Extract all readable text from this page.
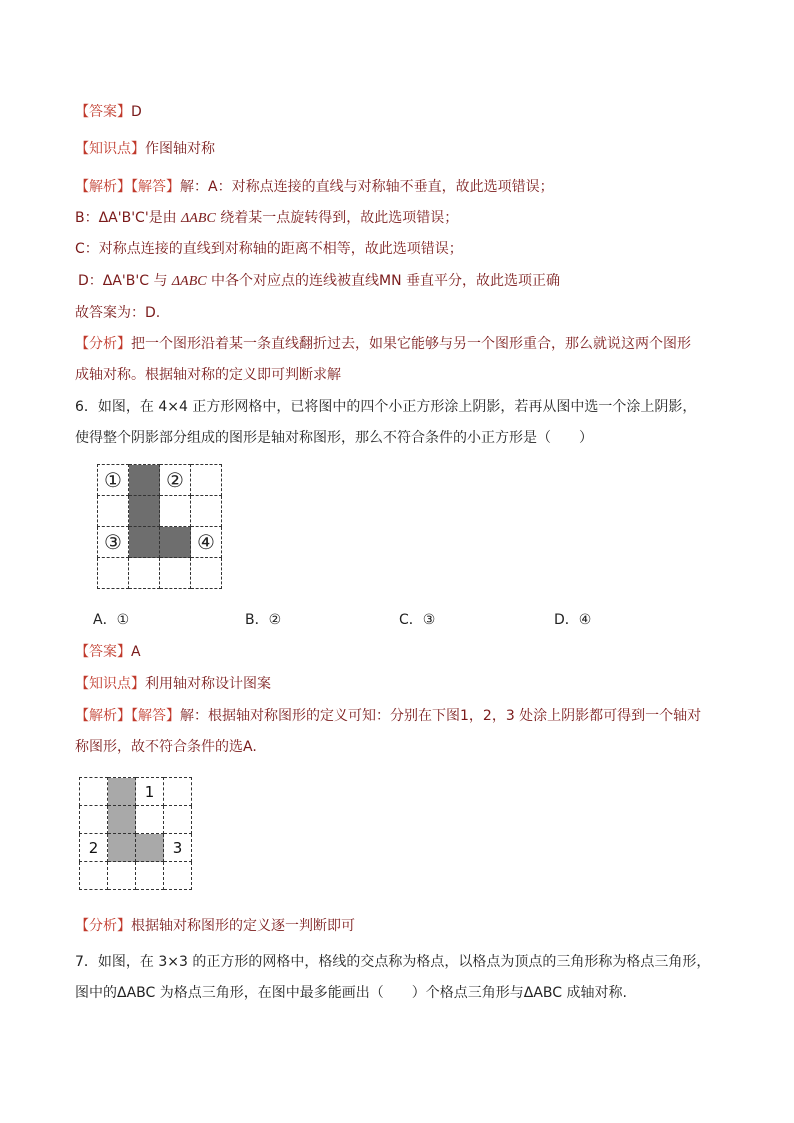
【答案】D
【知识点】作图轴对称
【解析】【解答】解：A：对称点连接的直线与对称轴不垂直，故此选项错误；
B：ΔA'B'C'是由 ΔABC 绕着某一点旋转得到，故此选项错误；
C：对称点连接的直线到对称轴的距离不相等，故此选项错误；
D：ΔA'B'C 与 ΔABC 中各个对应点的连线被直线MN 垂直平分，故此选项正确
故答案为：D.
【分析】把一个图形沿着某一条直线翻折过去，如果它能够与另一个图形重合，那么就说这两个图形
成轴对称。根据轴对称的定义即可判断求解
6．如图，在 4×4 正方形网格中，已将图中的四个小正方形涂上阴影，若再从图中选一个涂上阴影，
使得整个阴影部分组成的图形是轴对称图形，那么不符合条件的小正方形是（　　）
①		②	

③			④

A．①	B．②	C．③	D．④
【答案】A
【知识点】利用轴对称设计图案
【解析】【解答】解：根据轴对称图形的定义可知：分别在下图1，2，3 处涂上阴影都可得到一个轴对
称图形，故不符合条件的选A.
		1	

2			3

【分析】根据轴对称图形的定义逐一判断即可
7．如图，在 3×3 的正方形的网格中，格线的交点称为格点，以格点为顶点的三角形称为格点三角形，
图中的ΔABC 为格点三角形，在图中最多能画出（　　）个格点三角形与ΔABC 成轴对称.
